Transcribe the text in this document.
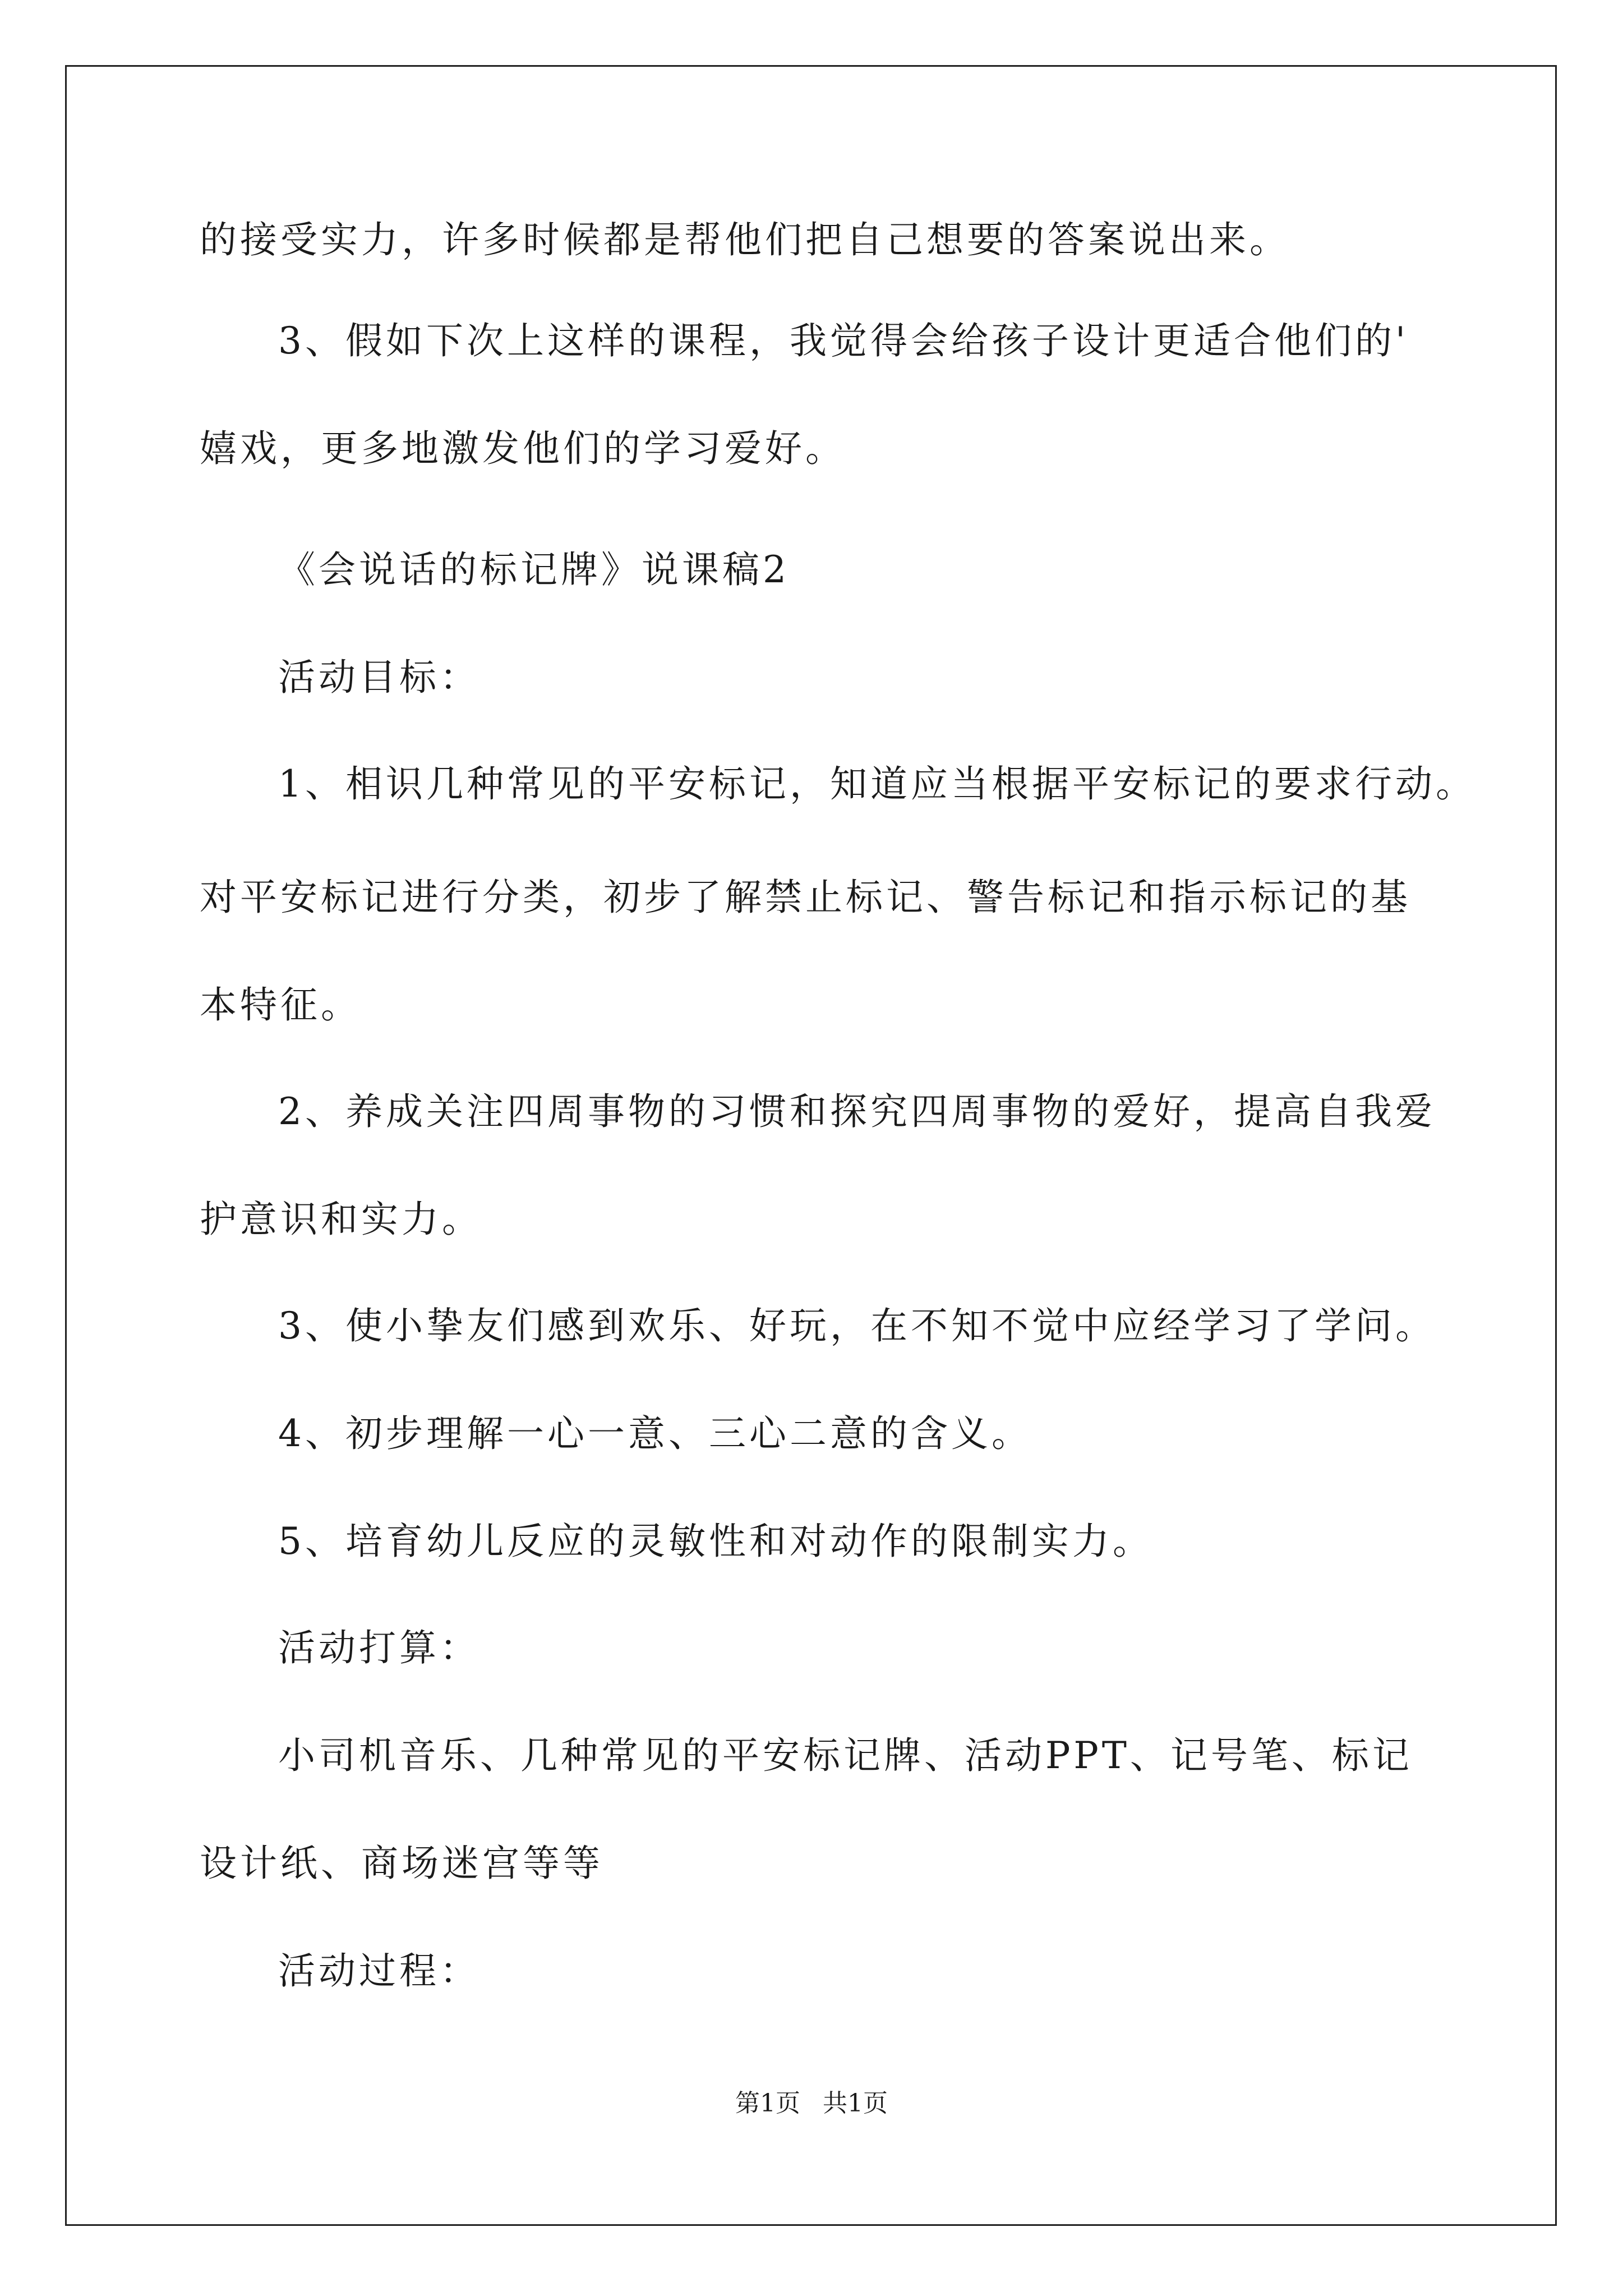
的接受实力，许多时候都是帮他们把自己想要的答案说出来。
3、假如下次上这样的课程，我觉得会给孩子设计更适合他们的'
嬉戏，更多地激发他们的学习爱好。
《会说话的标记牌》说课稿2
活动目标：
1、相识几种常见的平安标记，知道应当根据平安标记的要求行动。
对平安标记进行分类，初步了解禁止标记、警告标记和指示标记的基
本特征。
2、养成关注四周事物的习惯和探究四周事物的爱好，提高自我爱
护意识和实力。
3、使小挚友们感到欢乐、好玩，在不知不觉中应经学习了学问。
4、初步理解一心一意、三心二意的含义。
5、培育幼儿反应的灵敏性和对动作的限制实力。
活动打算：
小司机音乐、几种常见的平安标记牌、活动PPT、记号笔、标记
设计纸、商场迷宫等等
活动过程：
第1页 共1页
